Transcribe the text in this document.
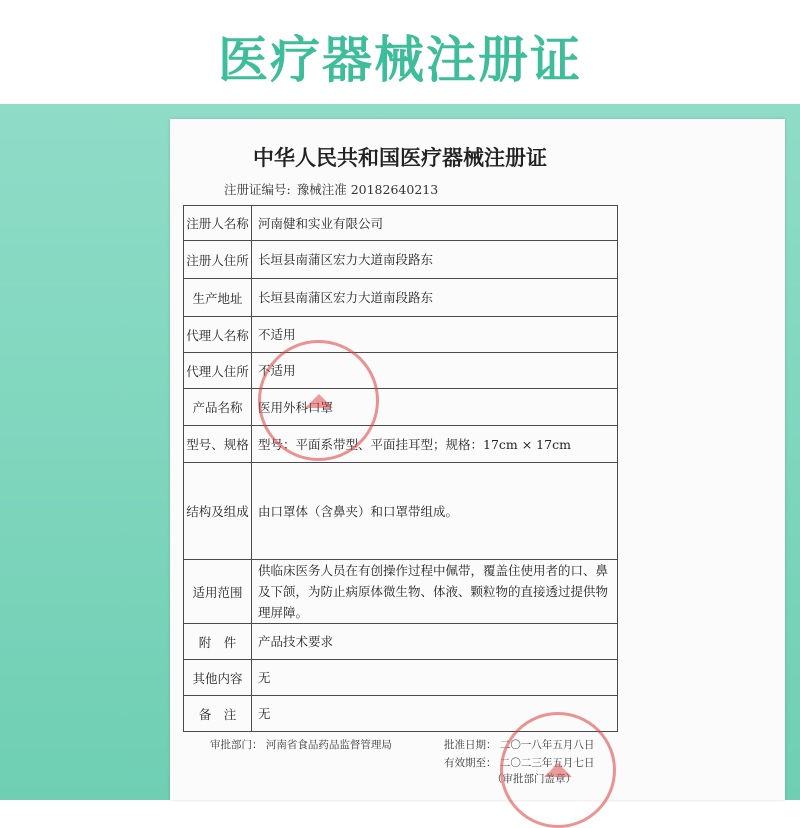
医疗器械注册证
中华人民共和国医疗器械注册证
注册证编号: 豫械注准 20182640213
注册人名称	河南健和实业有限公司
注册人住所	长垣县南蒲区宏力大道南段路东
生产地址	长垣县南蒲区宏力大道南段路东
代理人名称	不适用
代理人住所	不适用
产品名称	医用外科口罩
型号、规格	型号：平面系带型、平面挂耳型；规格：17cm × 17cm
结构及组成	由口罩体（含鼻夹）和口罩带组成。
适用范围	供临床医务人员在有创操作过程中佩带，覆盖住使用者的口、鼻及下颌，为防止病原体微生物、体液、颗粒物的直接透过提供物理屏障。
附　件	产品技术要求
其他内容	无
备　注	无
审批部门： 河南省食品药品监督管理局	批准日期： 二〇一八年五月八日
有效期至： 二〇二三年五月七日
（审批部门盖章）
